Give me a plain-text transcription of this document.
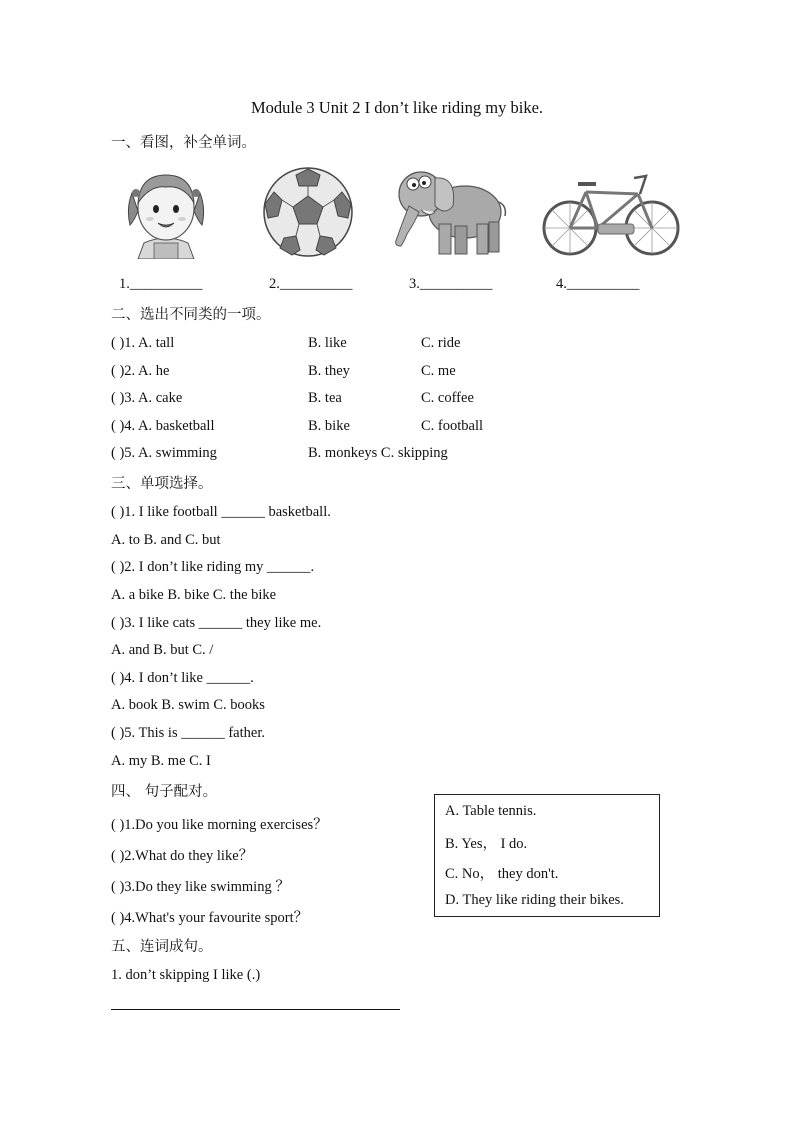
Module 3 Unit 2 I don’t like riding my bike.
一、看图，补全单词。
1.__________	2.__________	3.__________	4.__________
二、选出不同类的一项。
( )1. A. tall	B. like	C. ride
( )2. A. he	B. they	C. me
( )3. A. cake	B. tea	C. coffee
( )4. A. basketball	B. bike	C. football
( )5. A. swimming	B. monkeys C. skipping
三、单项选择。
( )1. I like football ______ basketball.
A. to B. and C. but
( )2. I don’t like riding my ______.
A. a bike B. bike C. the bike
( )3. I like cats ______ they like me.
A. and B. but C. /
( )4. I don’t like ______.
A. book B. swim C. books
( )5. This is ______ father.
A. my B. me C. I
四、 句子配对。
( )1.Do you like morning exercises？
( )2.What do they like？
( )3.Do they like swimming ？
( )4.What's your favourite sport？
A. Table tennis.
B. Yes， I do.
C. No， they don't.
D. They like riding their bikes.
五、连词成句。
1. don’t skipping I like (.)
